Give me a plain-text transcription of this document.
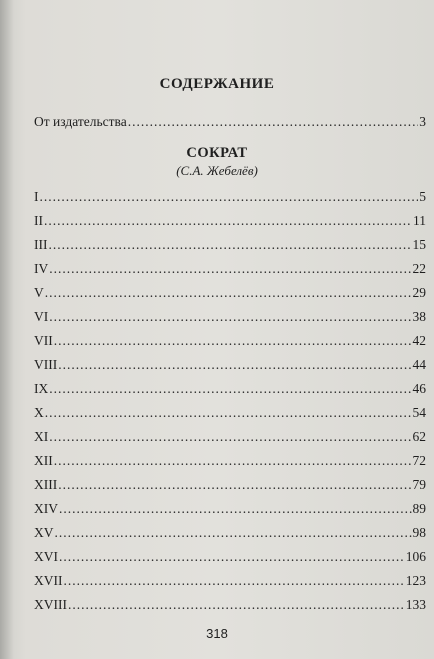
СОДЕРЖАНИЕ
От издательства .....	3
СОКРАТ
(С.А. Жебелёв)
I .....	5
II .....	11
III .....	15
IV .....	22
V .....	29
VI .....	38
VII .....	42
VIII .....	44
IX .....	46
X .....	54
XI .....	62
XII .....	72
XIII .....	79
XIV .....	89
XV .....	98
XVI .....	106
XVII .....	123
XVIII .....	133
318
